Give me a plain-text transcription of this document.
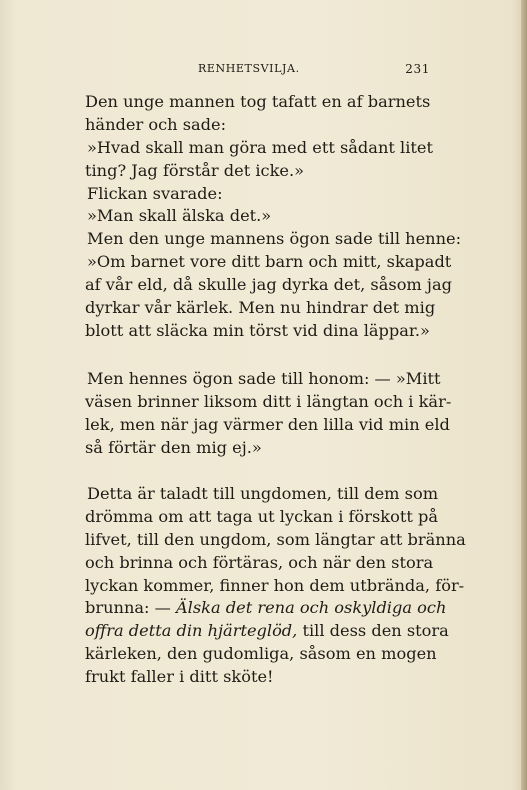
RENHETSVILJA.	231
Den unge mannen tog tafatt en af barnets
händer och sade:
»Hvad skall man göra med ett sådant litet
ting? Jag förstår det icke.»
Flickan svarade:
»Man skall älska det.»
Men den unge mannens ögon sade till henne:
»Om barnet vore ditt barn och mitt, skapadt
af vår eld, då skulle jag dyrka det, såsom jag
dyrkar vår kärlek. Men nu hindrar det mig
blott att släcka min törst vid dina läppar.»
Men hennes ögon sade till honom: — »Mitt
väsen brinner liksom ditt i längtan och i kär-
lek, men när jag värmer den lilla vid min eld
så förtär den mig ej.»
Detta är taladt till ungdomen, till dem som
drömma om att taga ut lyckan i förskott på
lifvet, till den ungdom, som längtar att bränna
och brinna och förtäras, och när den stora
lyckan kommer, finner hon dem utbrända, för-
brunna: — Älska det rena och oskyldiga och
offra detta din hjärteglöd, till dess den stora
kärleken, den gudomliga, såsom en mogen
frukt faller i ditt sköte!
